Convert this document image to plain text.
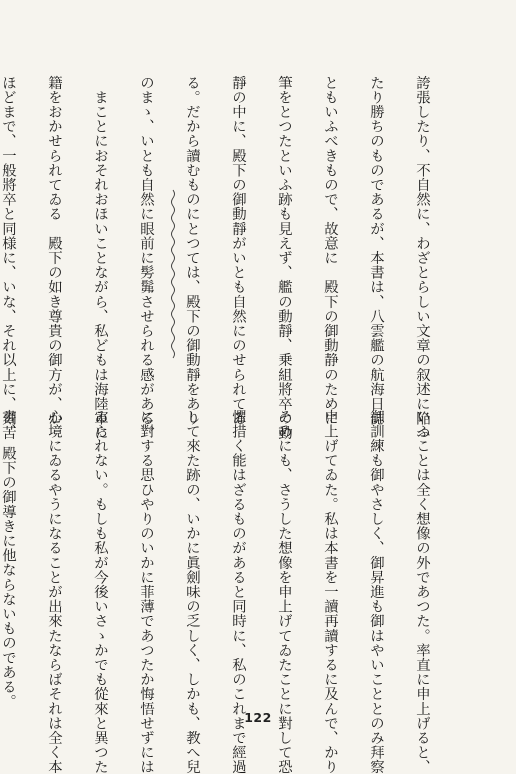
誇張したり、不自然に、わざとらしい文章の叙述に陥つ

たり勝ちのものであるが、本書は、八雲艦の航海日誌

ともいふべきもので、故意に　殿下の御動静のために

筆をとつたといふ跡も見えず、艦の動靜、乗組將卒の動

靜の中に、殿下の御動靜がいとも自然にのせられてゐ

る。だから讀むものにとつては、殿下の御動靜をあり

のまゝ、いとも自然に眼前に髣髴させられる感がある。

　まことにおそれおほいことながら、私どもは海陸軍に

籍をおかせられてゐる　殿下の如き尊貴の御方が、か

ほどまで、一般將卒と同様に、いな、それ以上に、刻苦

いふことは全く想像の外であつた。率直に申上げると、

御訓練も御やさしく、御昇進も御はやいこととのみ拜察

申上げてゐた。私は本書を一讀再讀するに及んで、かり

そめにも、さうした想像を申上げてゐたことに對して恐

懼措く能はざるものがあると同時に、私のこれまで經過

して來た跡の、いかに眞劍味の乏しく、しかも、教へ兒

に對する思ひやりのいかに菲薄であつたか悔悟せずには

ゐられない。もしも私が今後いさゝかでも從來と異つた

心境にゐるやうになることが出來たならばそれは全く本

書、　殿下の御導きに他ならないものである。

122
